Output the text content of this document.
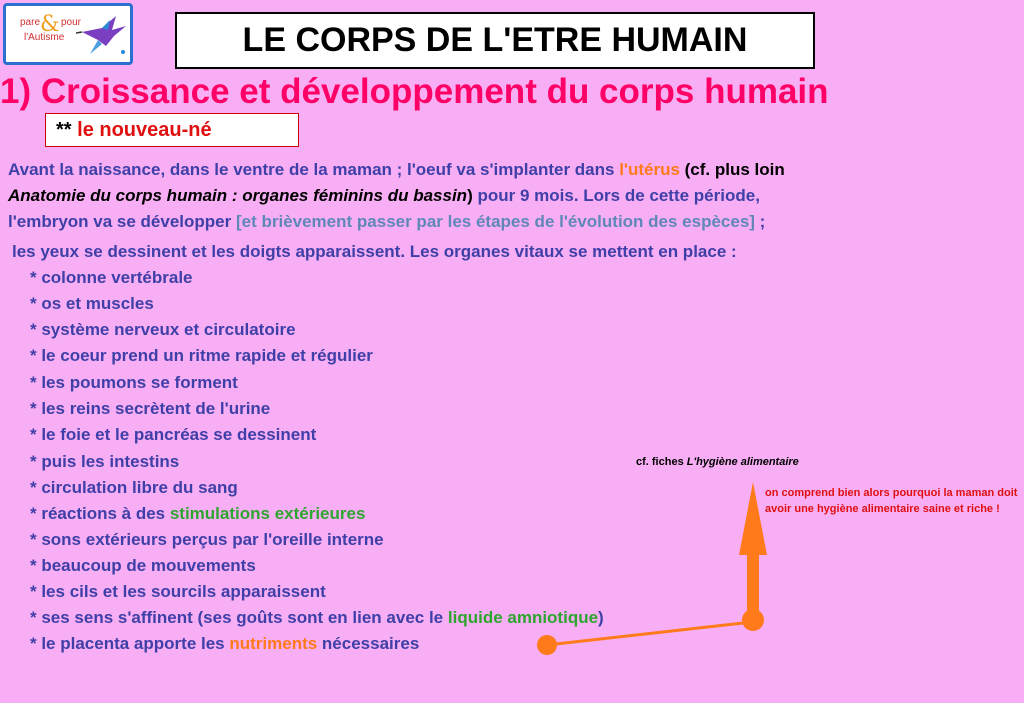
pare & pour
l'Autisme	LE CORPS DE L'ETRE HUMAIN
1) Croissance et développement du corps humain
** le nouveau-né
Avant la naissance, dans le ventre de la maman ; l'oeuf va s'implanter dans l'utérus (cf. plus loin
Anatomie du corps humain : organes féminins du bassin) pour 9 mois. Lors de cette période,
l'embryon va se développer [et brièvement passer par les étapes de l'évolution des espèces] ;
les yeux se dessinent et les doigts apparaissent. Les organes vitaux se mettent en place :
* colonne vertébrale
* os et muscles
* système nerveux et circulatoire
* le coeur prend un ritme rapide et régulier
* les poumons se forment
* les reins secrètent de l'urine
* le foie et le pancréas se dessinent
* puis les intestins
* circulation libre du sang
* réactions à des stimulations extérieures
* sons extérieurs perçus par l'oreille interne
* beaucoup de mouvements
* les cils et les sourcils apparaissent
* ses sens s'affinent (ses goûts sont en lien avec le liquide amniotique)
* le placenta apporte les nutriments nécessaires
cf. fiches L'hygiène alimentaire
on comprend bien alors pourquoi la maman doit avoir une hygiène alimentaire saine et riche !
